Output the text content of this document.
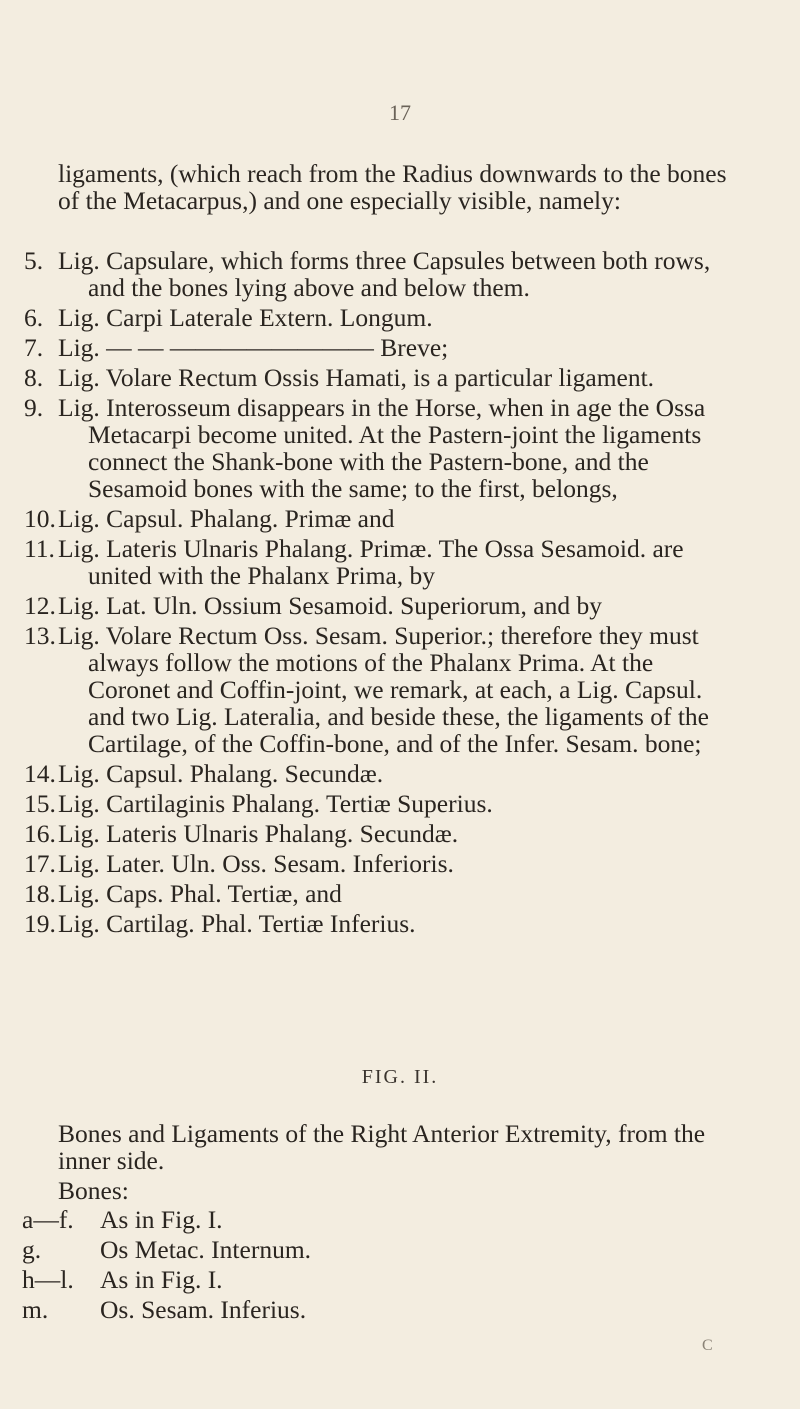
17
ligaments, (which reach from the Radius downwards to the bones of the Metacarpus,) and one especially visible, namely:
5. Lig. Capsulare, which forms three Capsules between both rows, and the bones lying above and below them.
6. Lig. Carpi Laterale Extern. Longum.
7. Lig. — — ———————— Breve;
8. Lig. Volare Rectum Ossis Hamati, is a particular ligament.
9. Lig. Interosseum disappears in the Horse, when in age the Ossa Metacarpi become united. At the Pastern-joint the ligaments connect the Shank-bone with the Pastern-bone, and the Sesamoid bones with the same; to the first, belongs,
10. Lig. Capsul. Phalang. Primæ and
11. Lig. Lateris Ulnaris Phalang. Primæ. The Ossa Sesamoid. are united with the Phalanx Prima, by
12. Lig. Lat. Uln. Ossium Sesamoid. Superiorum, and by
13. Lig. Volare Rectum Oss. Sesam. Superior.; therefore they must always follow the motions of the Phalanx Prima. At the Coronet and Coffin-joint, we remark, at each, a Lig. Capsul. and two Lig. Lateralia, and beside these, the ligaments of the Cartilage, of the Coffin-bone, and of the Infer. Sesam. bone;
14. Lig. Capsul. Phalang. Secundæ.
15. Lig. Cartilaginis Phalang. Tertiæ Superius.
16. Lig. Lateris Ulnaris Phalang. Secundæ.
17. Lig. Later. Uln. Oss. Sesam. Inferioris.
18. Lig. Caps. Phal. Tertiæ, and
19. Lig. Cartilag. Phal. Tertiæ Inferius.
FIG. II.
Bones and Ligaments of the Right Anterior Extremity, from the inner side.
Bones:
a—f.	As in Fig. I.
g.	Os Metac. Internum.
h—l.	As in Fig. I.
m.	Os. Sesam. Inferius.
C
